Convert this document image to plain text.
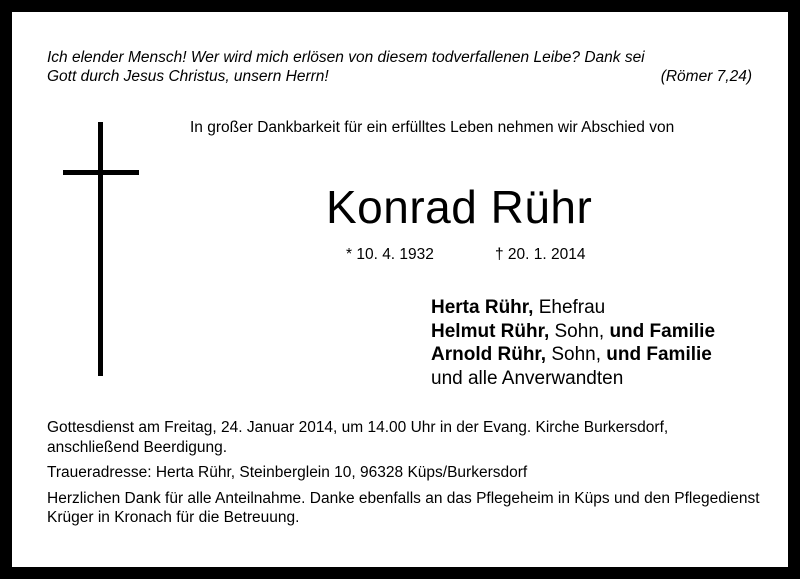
Ich elender Mensch! Wer wird mich erlösen von diesem todverfallenen Leibe? Dank sei
Gott durch Jesus Christus, unsern Herrn!	(Römer 7,24)
In großer Dankbarkeit für ein erfülltes Leben nehmen wir Abschied von
Konrad Rühr
* 10. 4. 1932	† 20. 1. 2014
Herta Rühr, Ehefrau
Helmut Rühr, Sohn, und Familie
Arnold Rühr, Sohn, und Familie
und alle Anverwandten

Gottesdienst am Freitag, 24. Januar 2014, um 14.00 Uhr in der Evang. Kirche Burkersdorf, anschließend Beerdigung.

Traueradresse: Herta Rühr, Steinberglein 10, 96328 Küps/Burkersdorf

Herzlichen Dank für alle Anteilnahme. Danke ebenfalls an das Pflegeheim in Küps und den Pflegedienst Krüger in Kronach für die Betreuung.
